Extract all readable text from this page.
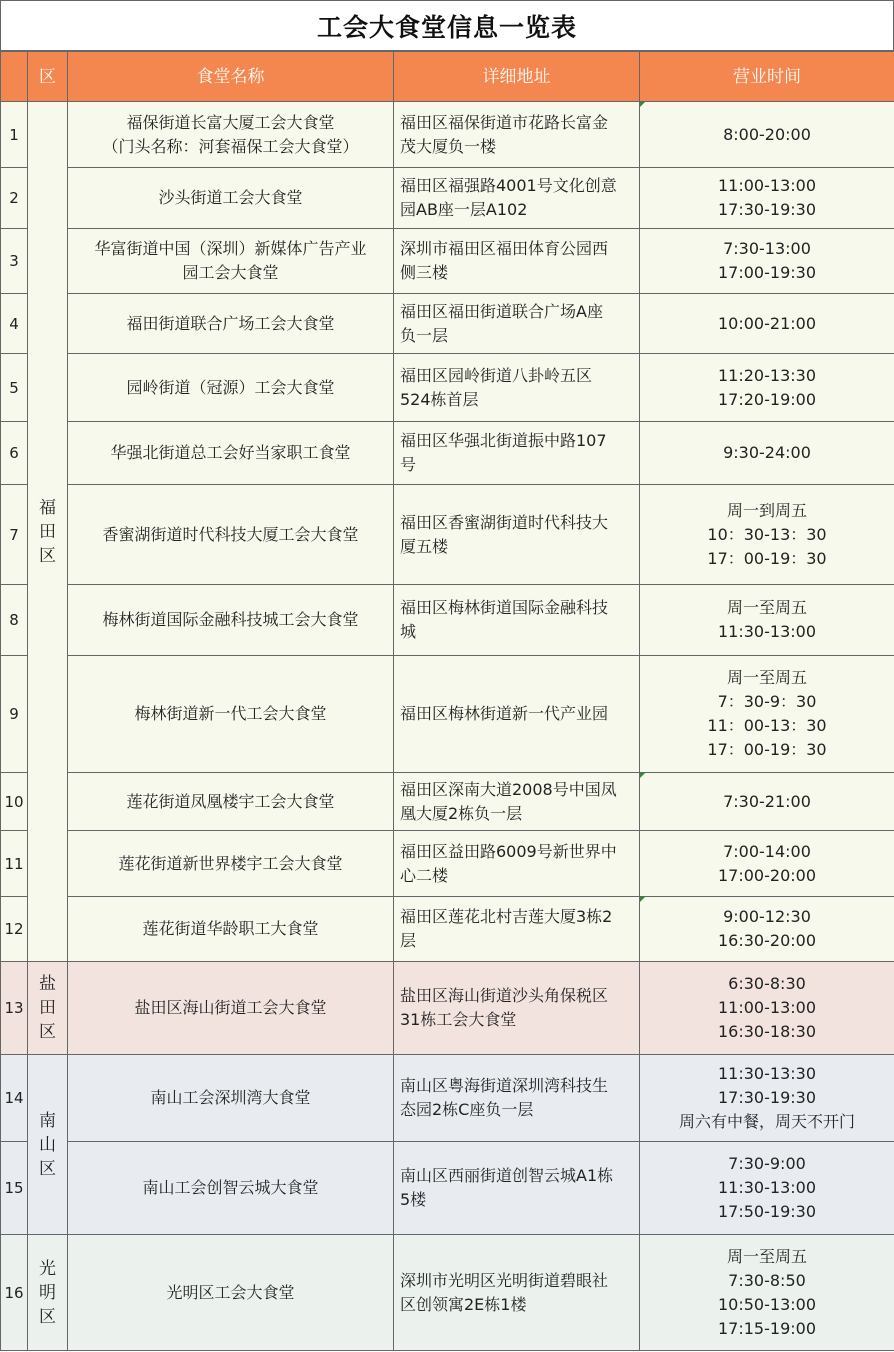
工会大食堂信息一览表
	区	食堂名称	详细地址	营业时间
1	福田区	福保街道长富大厦工会大食堂
（门头名称：河套福保工会大食堂）	福田区福保街道市花路长富金
茂大厦负一楼	8:00-20:00

2		沙头街道工会大食堂	福田区福强路4001号文化创意
园AB座一层A102	11:00-13:00
17:30-19:30

3		华富街道中国（深圳）新媒体广告产业
园工会大食堂	深圳市福田区福田体育公园西
侧三楼	7:30-13:00
17:00-19:30

4		福田街道联合广场工会大食堂	福田区福田街道联合广场A座
负一层	10:00-21:00

5		园岭街道（冠源）工会大食堂	福田区园岭街道八卦岭五区
524栋首层	11:20-13:30
17:20-19:00

6		华强北街道总工会好当家职工食堂	福田区华强北街道振中路107
号	9:30-24:00

7		香蜜湖街道时代科技大厦工会大食堂	福田区香蜜湖街道时代科技大
厦五楼	周一到周五
10：30-13：30
17：00-19：30

8		梅林街道国际金融科技城工会大食堂	福田区梅林街道国际金融科技
城	周一至周五
11:30-13:00

9		梅林街道新一代工会大食堂	福田区梅林街道新一代产业园	周一至周五
7：30-9：30
11：00-13：30
17：00-19：30

10		莲花街道凤凰楼宇工会大食堂	福田区深南大道2008号中国凤
凰大厦2栋负一层	7:30-21:00

11		莲花街道新世界楼宇工会大食堂	福田区益田路6009号新世界中
心二楼	7:00-14:00
17:00-20:00

12		莲花街道华龄职工大食堂	福田区莲花北村吉莲大厦3栋2
层	9:00-12:30
16:30-20:00

13	盐田区	盐田区海山街道工会大食堂	盐田区海山街道沙头角保税区
31栋工会大食堂	6:30-8:30
11:00-13:00
16:30-18:30

14	南山区	南山工会深圳湾大食堂	南山区粤海街道深圳湾科技生
态园2栋C座负一层	11:30-13:30
17:30-19:30
周六有中餐，周天不开门

15		南山工会创智云城大食堂	南山区西丽街道创智云城A1栋
5楼	7:30-9:00
11:30-13:00
17:50-19:30

16	光明区	光明区工会大食堂	深圳市光明区光明街道碧眼社
区创领寓2E栋1楼	周一至周五
7:30-8:50
10:50-13:00
17:15-19:00
